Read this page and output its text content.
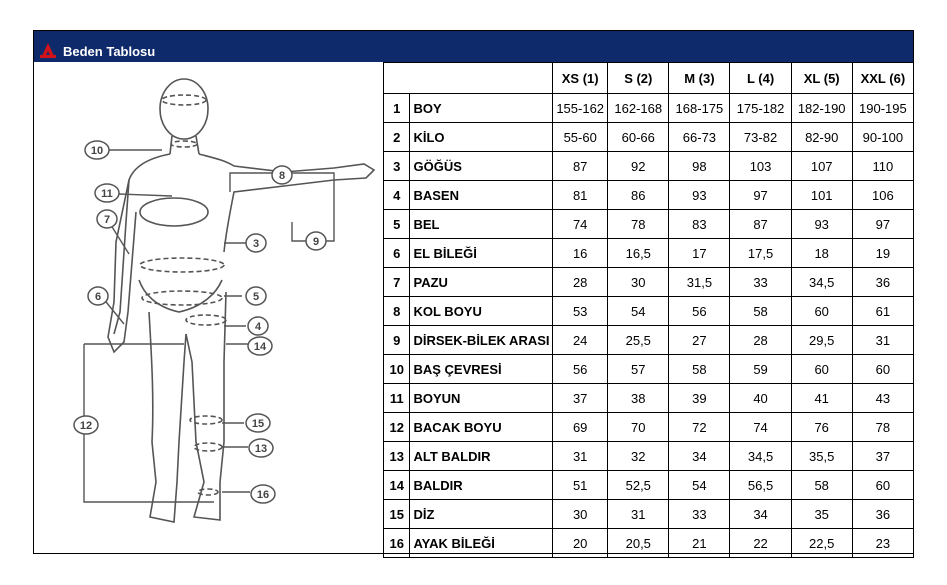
Beden Tablosu
10
11
8
7
3	9
6	5
4
14
12	15
13
16
		XS (1)	S (2)	M (3)	L (4)	XL (5)	XXL (6)
1	BOY	155-162	162-168	168-175	175-182	182-190	190-195
2	KİLO	55-60	60-66	66-73	73-82	82-90	90-100
3	GÖĞÜS	87	92	98	103	107	110
4	BASEN	81	86	93	97	101	106
5	BEL	74	78	83	87	93	97
6	EL BİLEĞİ	16	16,5	17	17,5	18	19
7	PAZU	28	30	31,5	33	34,5	36
8	KOL BOYU	53	54	56	58	60	61
9	DİRSEK-BİLEK ARASI	24	25,5	27	28	29,5	31
10	BAŞ ÇEVRESİ	56	57	58	59	60	60
11	BOYUN	37	38	39	40	41	43
12	BACAK BOYU	69	70	72	74	76	78
13	ALT BALDIR	31	32	34	34,5	35,5	37
14	BALDIR	51	52,5	54	56,5	58	60
15	DİZ	30	31	33	34	35	36
16	AYAK BİLEĞİ	20	20,5	21	22	22,5	23
